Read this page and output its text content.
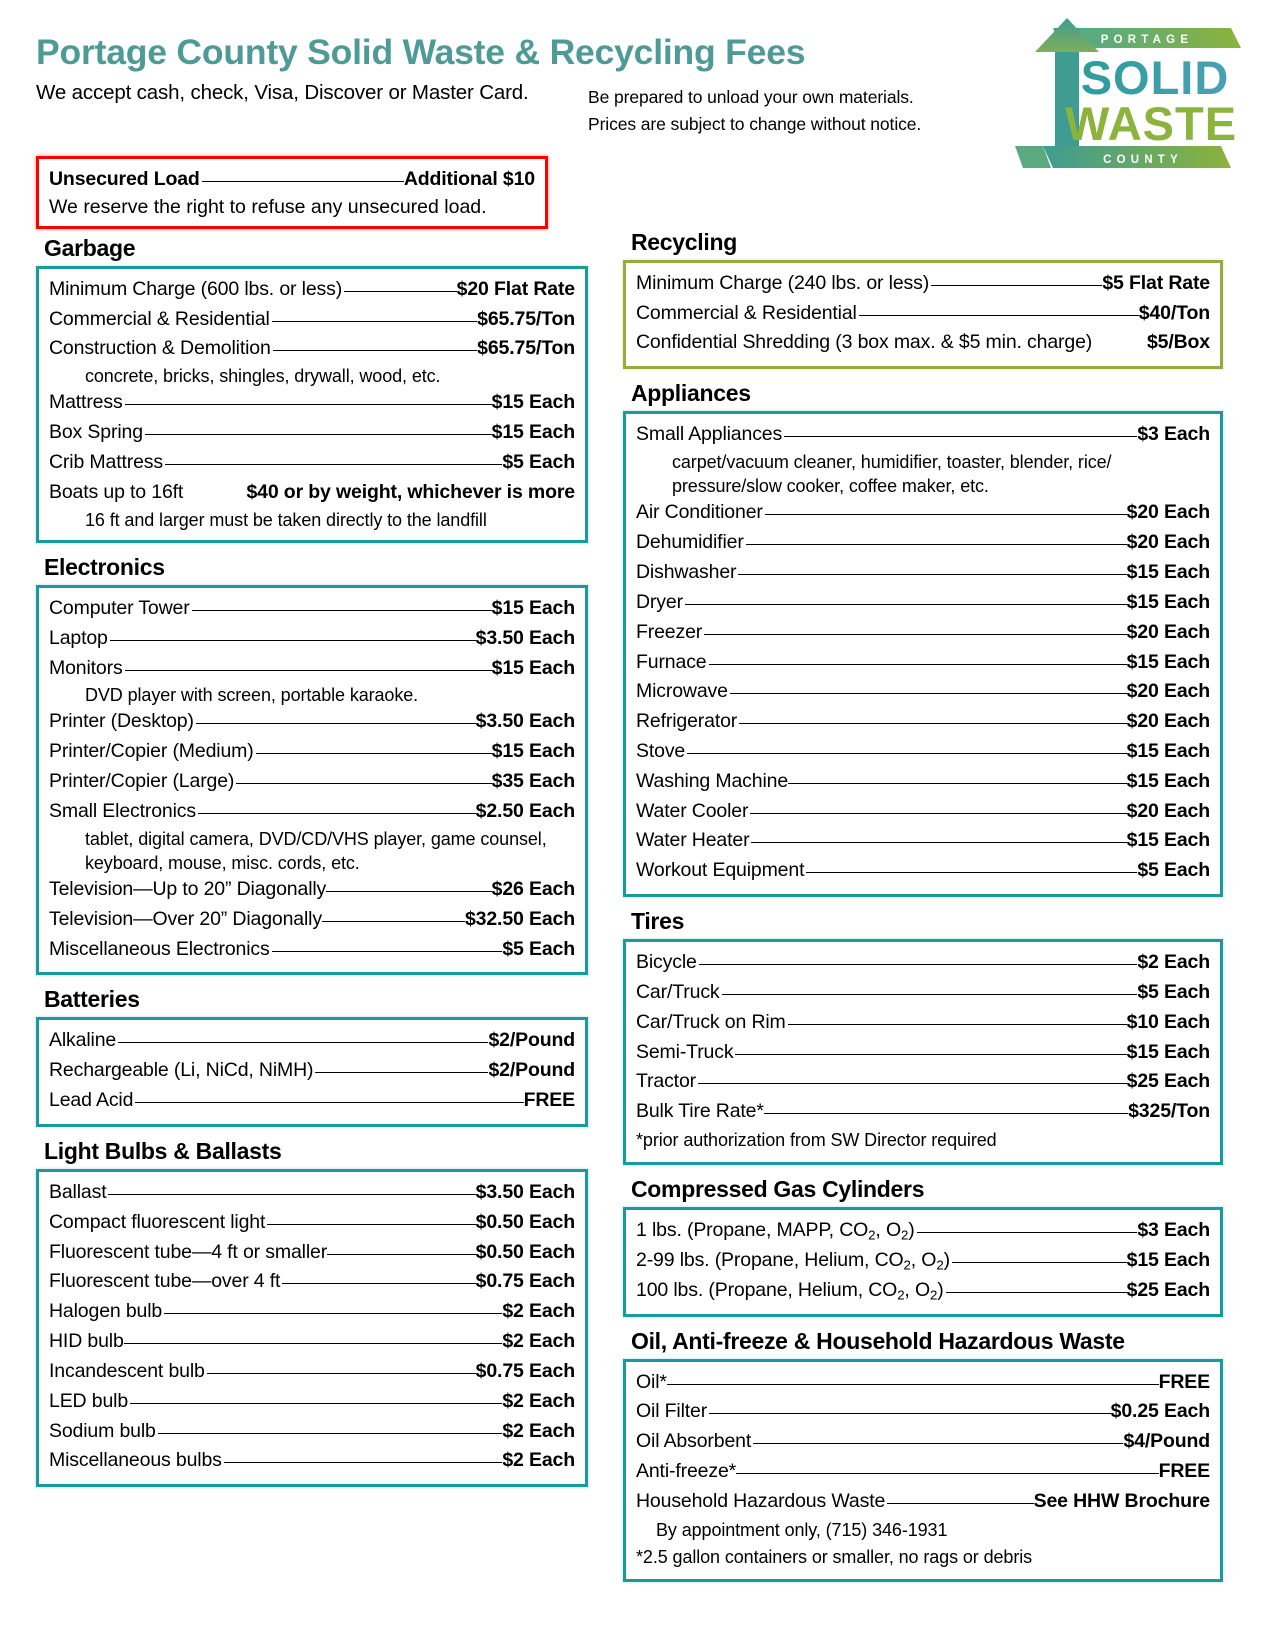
Portage County Solid Waste & Recycling Fees
We accept cash, check, Visa, Discover or Master Card.	Be prepared to unload your own materials.
Prices are subject to change without notice.
PORTAGE
SOLID
WASTE
COUNTY
Unsecured Load	Additional $10
We reserve the right to refuse any unsecured load.
Garbage
Minimum Charge (600 lbs. or less)	$20 Flat Rate
Commercial & Residential	$65.75/Ton
Construction & Demolition	$65.75/Ton
concrete, bricks, shingles, drywall, wood, etc.
Mattress	$15 Each
Box Spring	$15 Each
Crib Mattress	$5 Each
Boats up to 16ft	$40 or by weight, whichever is more
16 ft and larger must be taken directly to the landfill
Electronics
Computer Tower	$15 Each
Laptop	$3.50 Each
Monitors	$15 Each
DVD player with screen, portable karaoke.
Printer (Desktop)	$3.50 Each
Printer/Copier (Medium)	$15 Each
Printer/Copier (Large)	$35 Each
Small Electronics	$2.50 Each
tablet, digital camera, DVD/CD/VHS player, game counsel, keyboard, mouse, misc. cords, etc.
Television—Up to 20” Diagonally	$26 Each
Television—Over 20” Diagonally	$32.50 Each
Miscellaneous Electronics	$5 Each
Batteries
Alkaline	$2/Pound
Rechargeable (Li, NiCd, NiMH)	$2/Pound
Lead Acid	FREE
Light Bulbs & Ballasts
Ballast	$3.50 Each
Compact fluorescent light	$0.50 Each
Fluorescent tube—4 ft or smaller	$0.50 Each
Fluorescent tube—over 4 ft	$0.75 Each
Halogen bulb	$2 Each
HID bulb	$2 Each
Incandescent bulb	$0.75 Each
LED bulb	$2 Each
Sodium bulb	$2 Each
Miscellaneous bulbs	$2 Each
Recycling
Minimum Charge (240 lbs. or less)	$5 Flat Rate
Commercial & Residential	$40/Ton
Confidential Shredding (3 box max. & $5 min. charge)	$5/Box
Appliances
Small Appliances	$3 Each
carpet/vacuum cleaner, humidifier, toaster, blender, rice/ pressure/slow cooker, coffee maker, etc.
Air Conditioner	$20 Each
Dehumidifier	$20 Each
Dishwasher	$15 Each
Dryer	$15 Each
Freezer	$20 Each
Furnace	$15 Each
Microwave	$20 Each
Refrigerator	$20 Each
Stove	$15 Each
Washing Machine	$15 Each
Water Cooler	$20 Each
Water Heater	$15 Each
Workout Equipment	$5 Each
Tires
Bicycle	$2 Each
Car/Truck	$5 Each
Car/Truck on Rim	$10 Each
Semi-Truck	$15 Each
Tractor	$25 Each
Bulk Tire Rate*	$325/Ton
*prior authorization from SW Director required
Compressed Gas Cylinders
1 lbs. (Propane, MAPP, $CO_2$, $O_2$)	$3 Each
2-99 lbs. (Propane, Helium, $CO_2$, $O_2$)	$15 Each
100 lbs. (Propane, Helium, $CO_2$, $O_2$)	$25 Each
Oil, Anti-freeze & Household Hazardous Waste
Oil*	FREE
Oil Filter	$0.25 Each
Oil Absorbent	$4/Pound
Anti-freeze*	FREE
Household Hazardous Waste	See HHW Brochure
By appointment only, (715) 346-1931
*2.5 gallon containers or smaller, no rags or debris
